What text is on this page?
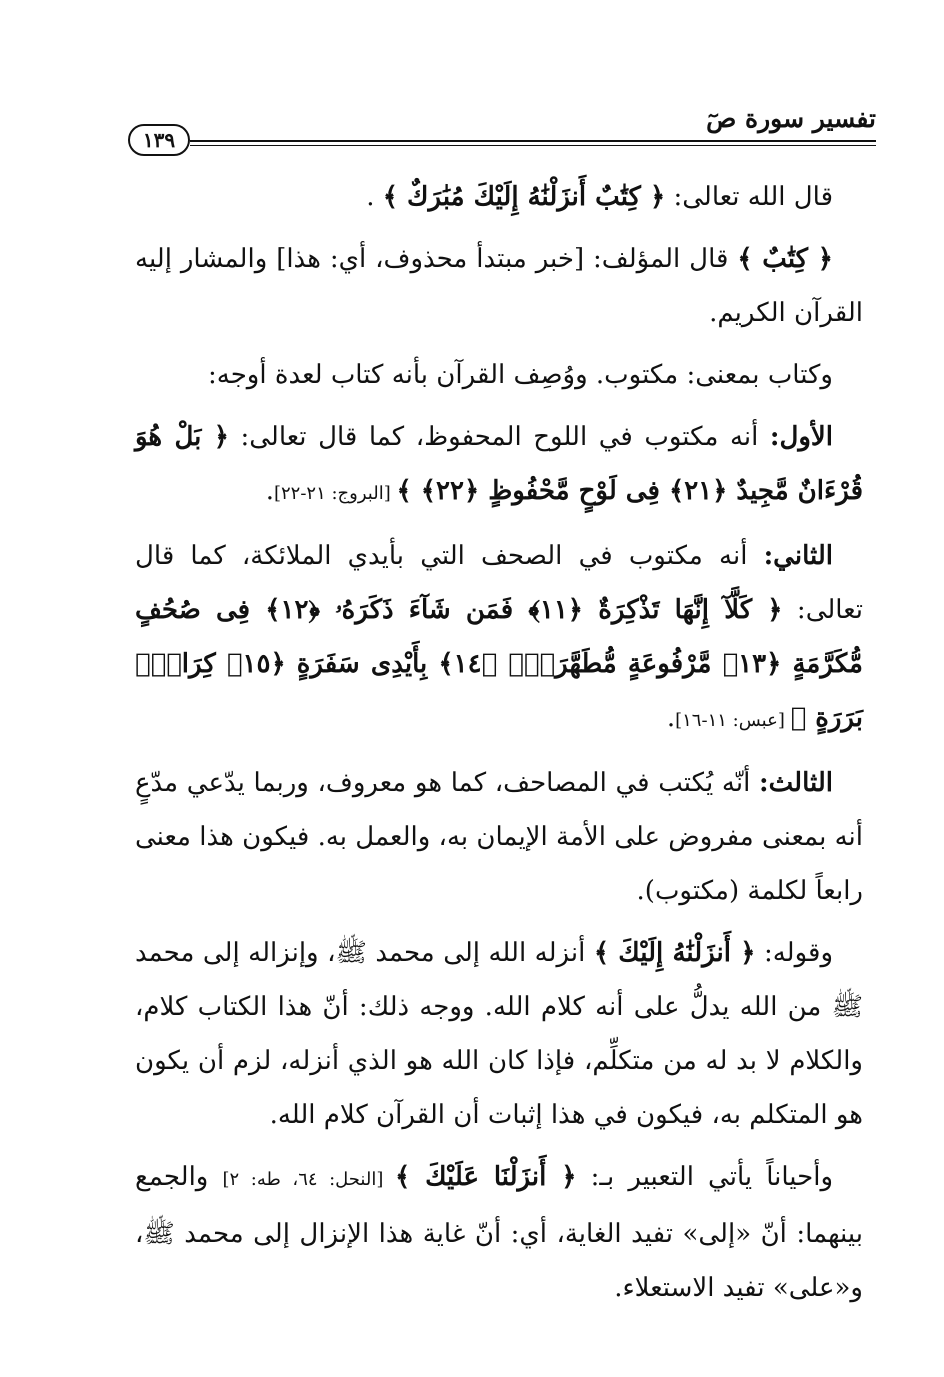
١٣٩
تفسير سورة صٓ

قال الله تعالى: ﴿ كِتَٰبٌ أَنزَلْنَٰهُ إِلَيْكَ مُبَٰرَكٌ ﴾ .

﴿ كِتَٰبٌ ﴾ قال المؤلف: [خبر مبتدأ محذوف، أي: هذا] والمشار إليه القرآن الكريم.

وكتاب بمعنى: مكتوب. ووُصِف القرآن بأنه كتاب لعدة أوجه:

الأول: أنه مكتوب في اللوح المحفوظ، كما قال تعالى: ﴿ بَلْ هُوَ قُرْءَانٌ مَّجِيدٌ ﴿٢١﴾ فِى لَوْحٍ مَّحْفُوظٍ ﴿٢٢﴾ ﴾ [البروج: ٢١-٢٢].

الثاني: أنه مكتوب في الصحف التي بأيدي الملائكة، كما قال تعالى: ﴿ كَلَّآ إِنَّهَا تَذْكِرَةٌ ﴿١١﴾ فَمَن شَآءَ ذَكَرَهُۥ ﴿١٢﴾ فِى صُحُفٍ مُّكَرَّمَةٍ ﴿١٣﴾ مَّرْفُوعَةٍ مُّطَهَّرَةٍۭ ﴿١٤﴾ بِأَيْدِى سَفَرَةٍ ﴿١٥﴾ كِرَامٍۭ بَرَرَةٍ ﴾ [عبس: ١١-١٦].

الثالث: أنّه يُكتب في المصاحف، كما هو معروف، وربما يدّعي مدّعٍ أنه بمعنى مفروض على الأمة الإيمان به، والعمل به. فيكون هذا معنى رابعاً لكلمة (مكتوب).

وقوله: ﴿ أَنزَلْنَٰهُ إِلَيْكَ ﴾ أنزله الله إلى محمد ﷺ، وإنزاله إلى محمد ﷺ من الله يدلُّ على أنه كلام الله. ووجه ذلك: أنّ هذا الكتاب كلام، والكلام لا بد له من متكلِّم، فإذا كان الله هو الذي أنزله، لزم أن يكون هو المتكلم به، فيكون في هذا إثبات أن القرآن كلام الله.

وأحياناً يأتي التعبير بـ: ﴿ أَنزَلْنَا عَلَيْكَ ﴾ [النحل: ٦٤، طه: ٢] والجمع بينهما: أنّ «إلى» تفيد الغاية، أي: أنّ غاية هذا الإنزال إلى محمد ﷺ، و«على» تفيد الاستعلاء.
